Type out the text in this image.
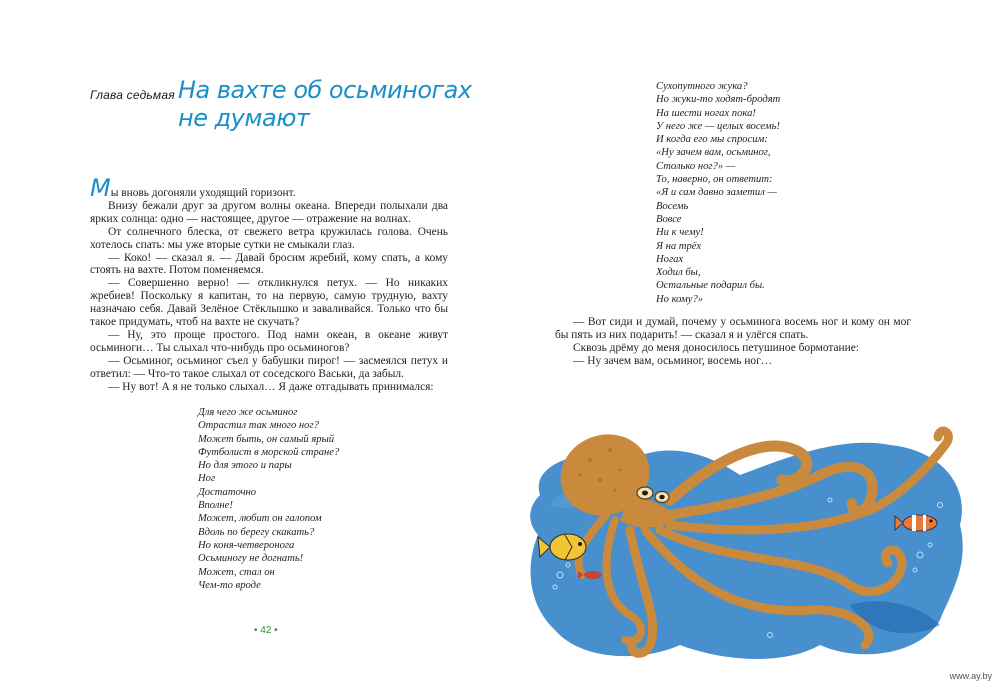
Глава седьмая На вахте об осьминогах
не думают

Мы вновь догоняли уходящий горизонт.

Внизу бежали друг за другом волны океана. Впереди полыхали два ярких солнца: одно — настоящее, другое — отражение на волнах.

От солнечного блеска, от свежего ветра кружилась голова. Очень хотелось спать: мы уже вторые сутки не смыкали глаз.

— Коко! — сказал я. — Давай бросим жребий, кому спать, а кому стоять на вахте. Потом поменяемся.

— Совершенно верно! — откликнулся петух. — Но никаких жребиев! Поскольку я капитан, то на первую, самую трудную, вахту назначаю себя. Давай Зелёное Стёклышко и заваливайся. Только что бы такое придумать, чтоб на вахте не скучать?

— Ну, это проще простого. Под нами океан, в океане живут осьминоги… Ты слыхал что-нибудь про осьминогов?

— Осьминог, осьминог съел у бабушки пирог! — засмеялся петух и ответил: — Что-то такое слыхал от соседского Васьки, да забыл.

— Ну вот! А я не только слыхал… Я даже отгадывать принимался:

• 42 •
Для чего же осьминог
Отрастил так много ног?
Может быть, он самый ярый
Футболист в морской стране?
Но для этого и пары
Ног
Достаточно
Вполне!
Может, любит он галопом
Вдоль по берегу скакать?
Но коня-четвероногa
Осьминогу не догнать!
Может, стал он
Чем-то вроде
Сухопутного жука?
Но жуки-то ходят-бродят
На шести ногах пока!
У него же — целых восемь!
И когда его мы спросим:
«Ну зачем вам, осьминог,
Столько ног?» —
То, наверно, он ответит:
«Я и сам давно заметил —
Восемь
Вовсе
Ни к чему!
Я на трёх
Ногах
Ходил бы,
Остальные подарил бы.
Но кому?»

— Вот сиди и думай, почему у осьминога восемь ног и кому он мог бы пять из них подарить! — сказал я и улёгся спать.

Сквозь дрёму до меня доносилось петушиное бормотание:

— Ну зачем вам, осьминог, восемь ног…

www.ay.by
